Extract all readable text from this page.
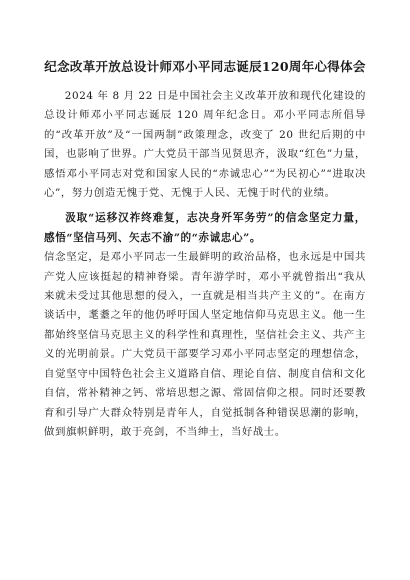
纪念改革开放总设计师邓小平同志诞辰120周年心得体会

2024 年 8 月 22 日是中国社会主义改革开放和现代化建设的总设计师邓小平同志诞辰 120 周年纪念日。邓小平同志所倡导的“改革开放”及“一国两制”政策理念，改变了 20 世纪后期的中国，也影响了世界。广大党员干部当见贤思齐，汲取“红色”力量，感悟邓小平同志对党和国家人民的“赤诚忠心”“为民初心”“进取决心”，努力创造无愧于党、无愧于人民、无愧于时代的业绩。

汲取“运移汉祚终难复，志决身歼军务劳”的信念坚定力量，感悟“坚信马列、矢志不渝”的“赤诚忠心”。

信念坚定，是邓小平同志一生最鲜明的政治品格，也永远是中国共产党人应该挺起的精神脊梁。青年游学时，邓小平就曾指出“我从来就未受过其他思想的侵入，一直就是相当共产主义的”。在南方谈话中，耄耋之年的他仍呼吁国人坚定地信仰马克思主义。他一生都始终坚信马克思主义的科学性和真理性，坚信社会主义、共产主义的光明前景。广大党员干部要学习邓小平同志坚定的理想信念，自觉坚守中国特色社会主义道路自信、理论自信、制度自信和文化自信，常补精神之钙、常培思想之源、常固信仰之根。同时还要教育和引导广大群众特别是青年人，自觉抵制各种错误思潮的影响，做到旗帜鲜明，敢于亮剑，不当绅士，当好战士。
